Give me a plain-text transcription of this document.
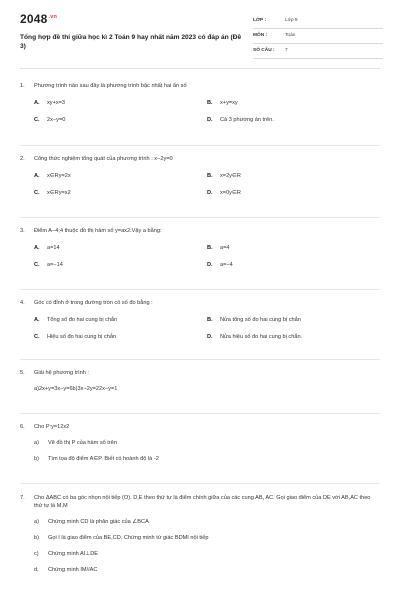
$2048^{.vn}$
Tổng hợp đề thi giữa học kì 2 Toán 9 hay nhất năm 2023 có đáp án (Đề 3)
LỚP :	Lớp 9
MÔN :	Toán
SỐ CÂU : 7
1.	Phương trình nào sau đây là phương trình bậc nhất hai ẩn số
A.	xy+x=3	B.	x+y=xy
C.	2x−y=0	D.	Cả 3 phương án trên.
2.	Công thức nghiệm tổng quát của phương trình : x−2y=0
A.	x∈Ry=2x	B.	x=2y∈R
C.	x∈Ry=x2	D.	x=0y∈R
3.	Điểm A−4;4 thuộc đồ thị hàm số y=ax2.Vậy a bằng:
A.	a=14	B.	a=4
C.	a=−14	D.	a=−4
4.	Góc có đỉnh ở trong đường tròn có số đo bằng :
A.	Tổng số đo hai cung bị chắn	B.	Nửa tổng số đo hai cung bị chắn
C.	Hiệu số đo hai cung bị chắn	D.	Nửa hiệu số đo hai cung bị chắn.
5.	Giải hệ phương trình :
a)2x+y=3x−y=6b)3x−2y=22x−y=1
6.	Cho P:y=12x2
a)	Vẽ đồ thị P của hàm số trên
b)	Tìm tọa độ điểm A∈P. Biết có hoành độ là -2
7.	Cho ΔABC có ba góc nhọn nội tiếp (O). D,E theo thứ tự là điểm chính giữa của các cung AB, AC. Gọi giao điểm của DE với AB,AC theo thứ tự là M,M
a)	Chứng minh CD là phân giác của ∠BCA
b)	Gọi I là giao điểm của BE,CD. Chứng minh tứ giác BDMI nội tiếp
c)	Chứng minh AI⊥DE
d,	Chứng minh IM//AC
